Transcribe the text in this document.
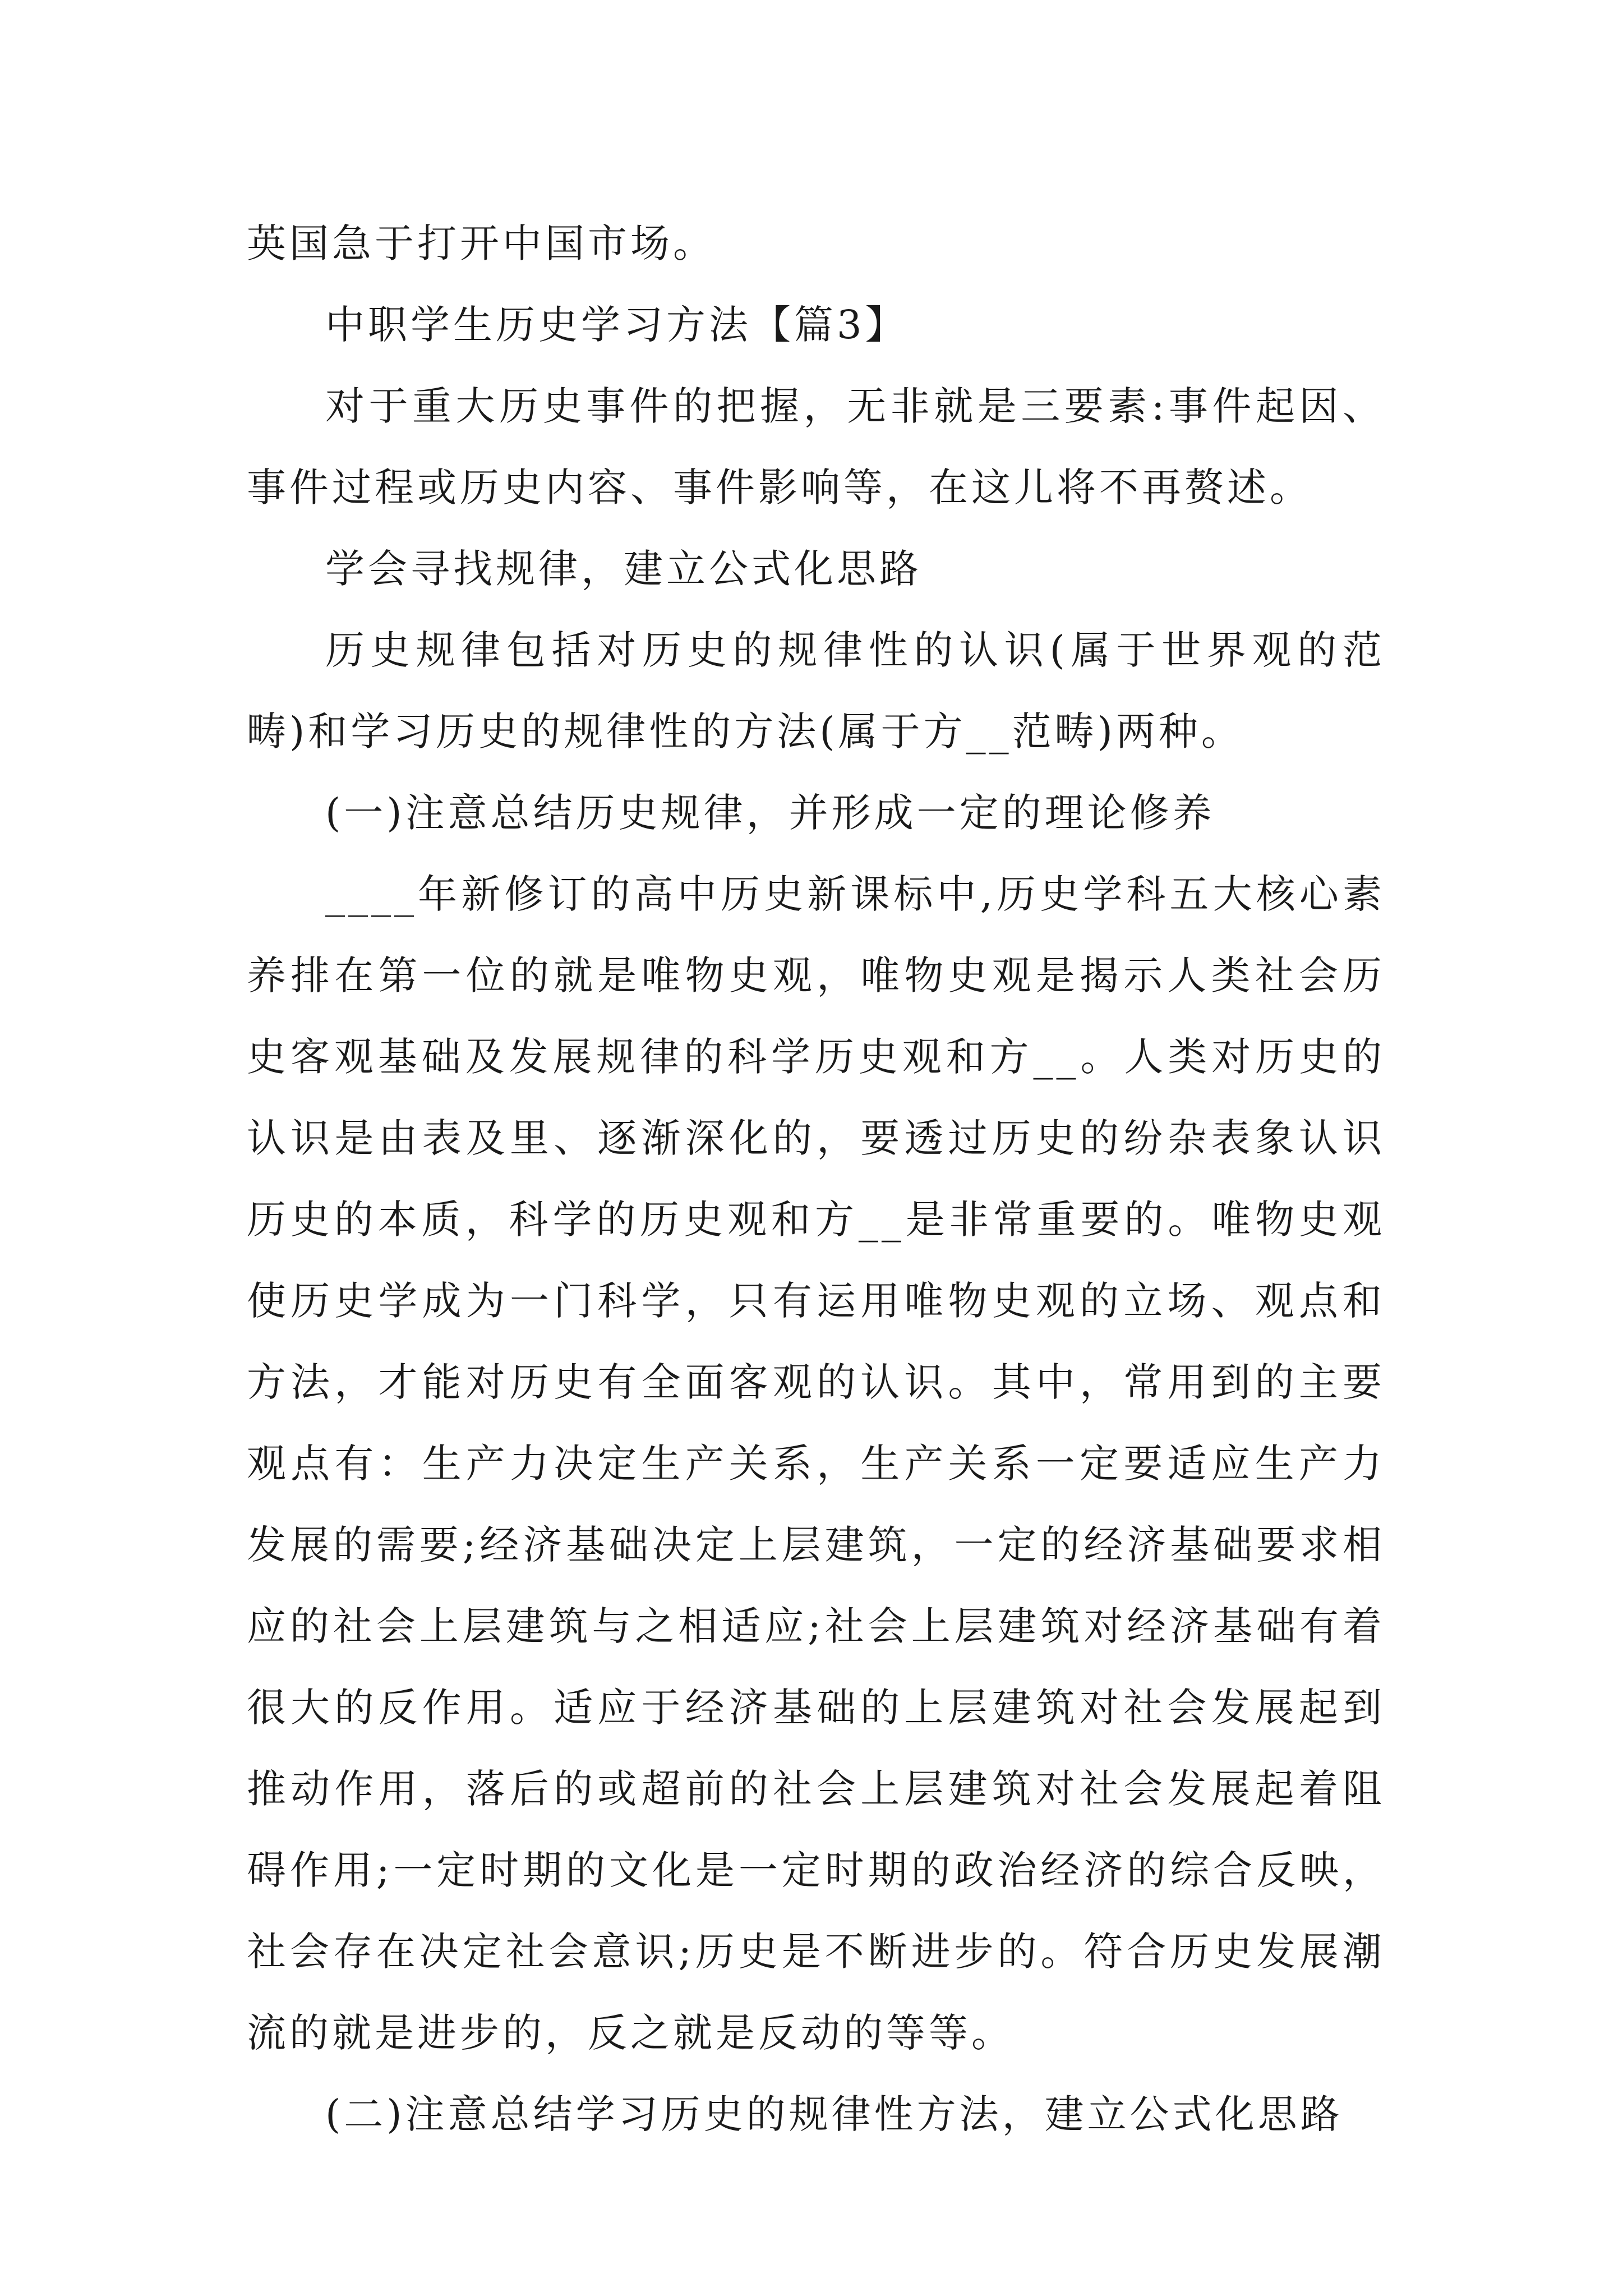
英国急于打开中国市场。

中职学生历史学习方法【篇3】

对于重大历史事件的把握，无非就是三要素:事件起因、事件过程或历史内容、事件影响等，在这儿将不再赘述。

学会寻找规律，建立公式化思路

历史规律包括对历史的规律性的认识(属于世界观的范畴)和学习历史的规律性的方法(属于方__范畴)两种。

(一)注意总结历史规律，并形成一定的理论修养

____年新修订的高中历史新课标中,历史学科五大核心素养排在第一位的就是唯物史观，唯物史观是揭示人类社会历史客观基础及发展规律的科学历史观和方__。人类对历史的认识是由表及里、逐渐深化的，要透过历史的纷杂表象认识历史的本质，科学的历史观和方__是非常重要的。唯物史观使历史学成为一门科学，只有运用唯物史观的立场、观点和方法，才能对历史有全面客观的认识。其中，常用到的主要观点有：生产力决定生产关系，生产关系一定要适应生产力发展的需要;经济基础决定上层建筑，一定的经济基础要求相应的社会上层建筑与之相适应;社会上层建筑对经济基础有着很大的反作用。适应于经济基础的上层建筑对社会发展起到推动作用，落后的或超前的社会上层建筑对社会发展起着阻碍作用;一定时期的文化是一定时期的政治经济的综合反映，社会存在决定社会意识;历史是不断进步的。符合历史发展潮流的就是进步的，反之就是反动的等等。

(二)注意总结学习历史的规律性方法，建立公式化思路
